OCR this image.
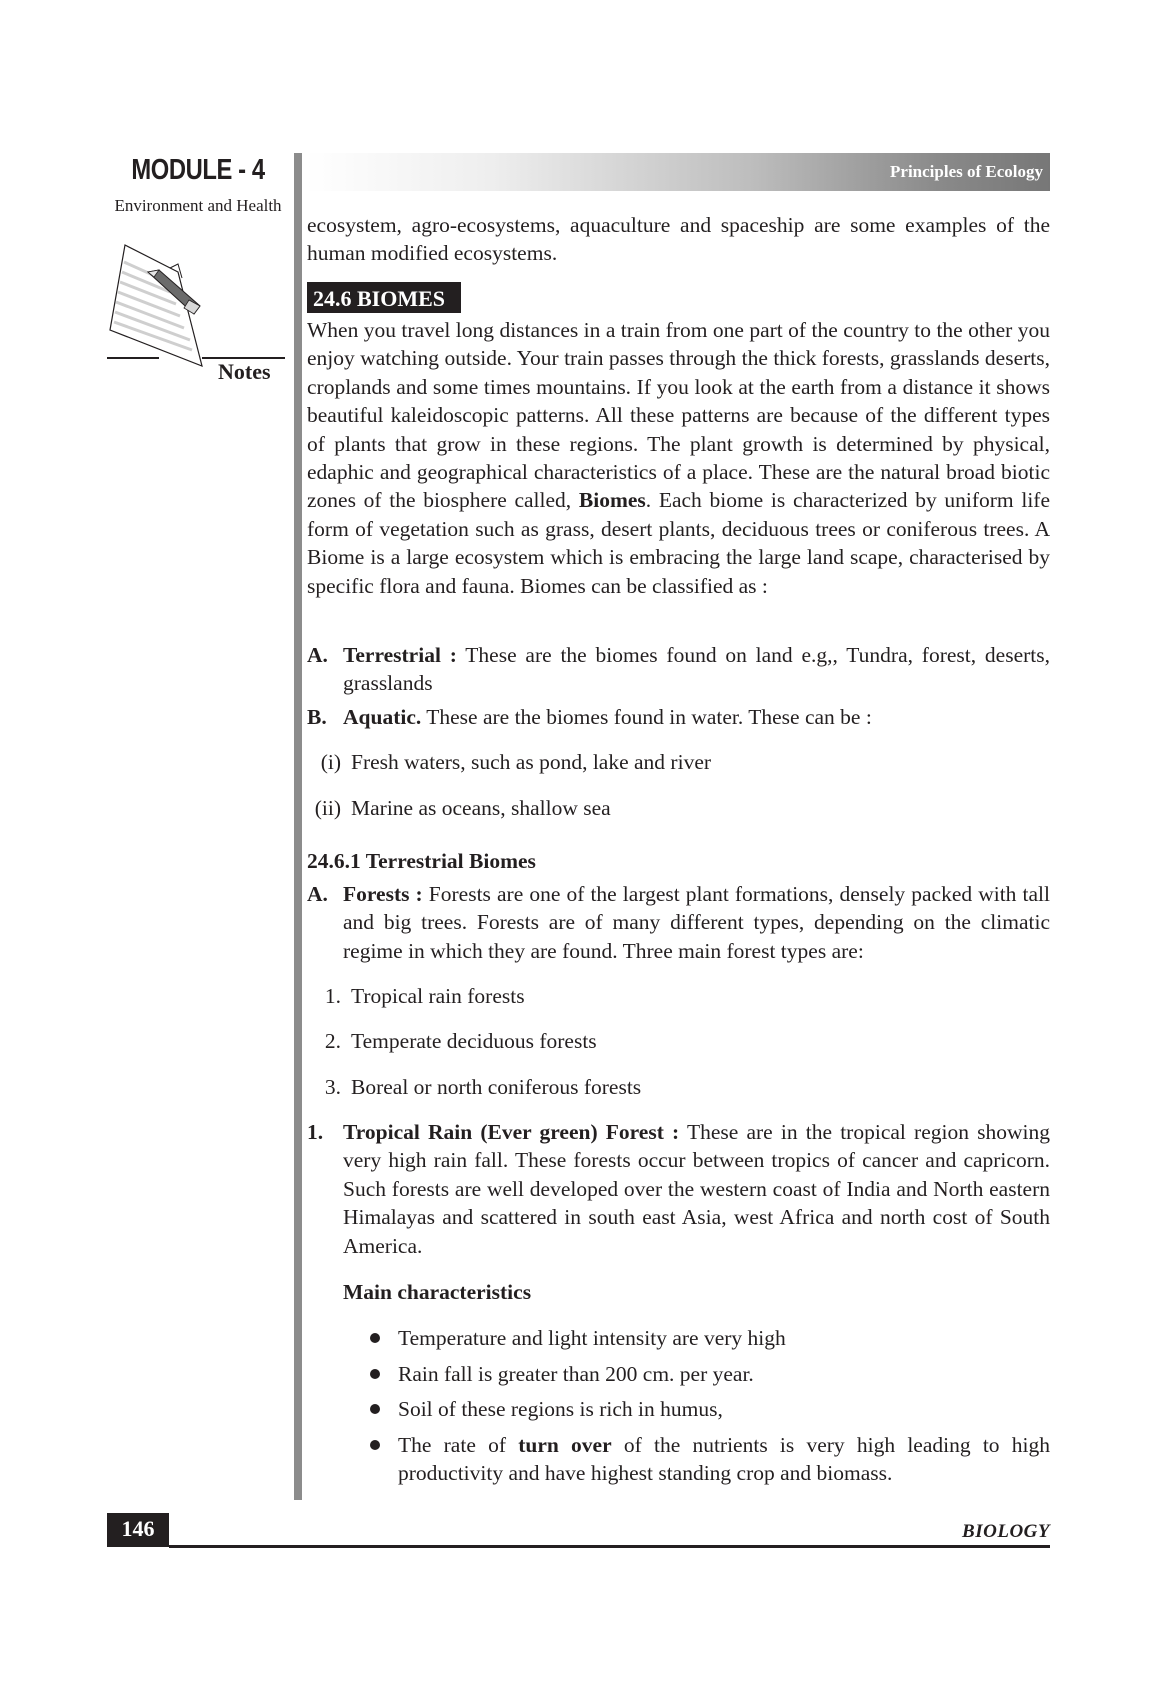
MODULE - 4
Environment and Health
Notes
Principles of Ecology

ecosystem, agro-ecosystems, aquaculture and spaceship are some examples of the

human modified ecosystems.

24.6 BIOMES

When you travel long distances in a train from one part of the country to the other you enjoy watching outside. Your train passes through the thick forests, grasslands deserts, croplands and some times mountains. If you look at the earth from a distance it shows beautiful kaleidoscopic patterns. All these patterns are because of the different types of plants that grow in these regions. The plant growth is determined by physical, edaphic and geographical characteristics of a place. These are the natural broad biotic zones of the biosphere called, Biomes. Each biome is characterized by uniform life form of vegetation such as grass, desert plants, deciduous trees or coniferous trees. A Biome is a large ecosystem which is embracing the large land scape, characterised by specific flora and fauna. Biomes can be classified as :

A. Terrestrial : These are the biomes found on land e.g,, Tundra, forest, deserts, grasslands
B. Aquatic. These are the biomes found in water. These can be :
(i) Fresh waters, such as pond, lake and river
(ii) Marine as oceans, shallow sea
24.6.1 Terrestrial Biomes
A. Forests : Forests are one of the largest plant formations, densely packed with tall and big trees. Forests are of many different types, depending on the climatic regime in which they are found. Three main forest types are:
1. Tropical rain forests
2. Temperate deciduous forests
3. Boreal or north coniferous forests
1. Tropical Rain (Ever green) Forest : These are in the tropical region showing very high rain fall. These forests occur between tropics of cancer and capricorn. Such forests are well developed over the western coast of India and North eastern Himalayas and scattered in south east Asia, west Africa and north cost of South America.
Main characteristics
Temperature and light intensity are very high
Rain fall is greater than 200 cm. per year.
Soil of these regions is rich in humus,
The rate of turn over of the nutrients is very high leading to high productivity and have highest standing crop and biomass.
146	BIOLOGY
